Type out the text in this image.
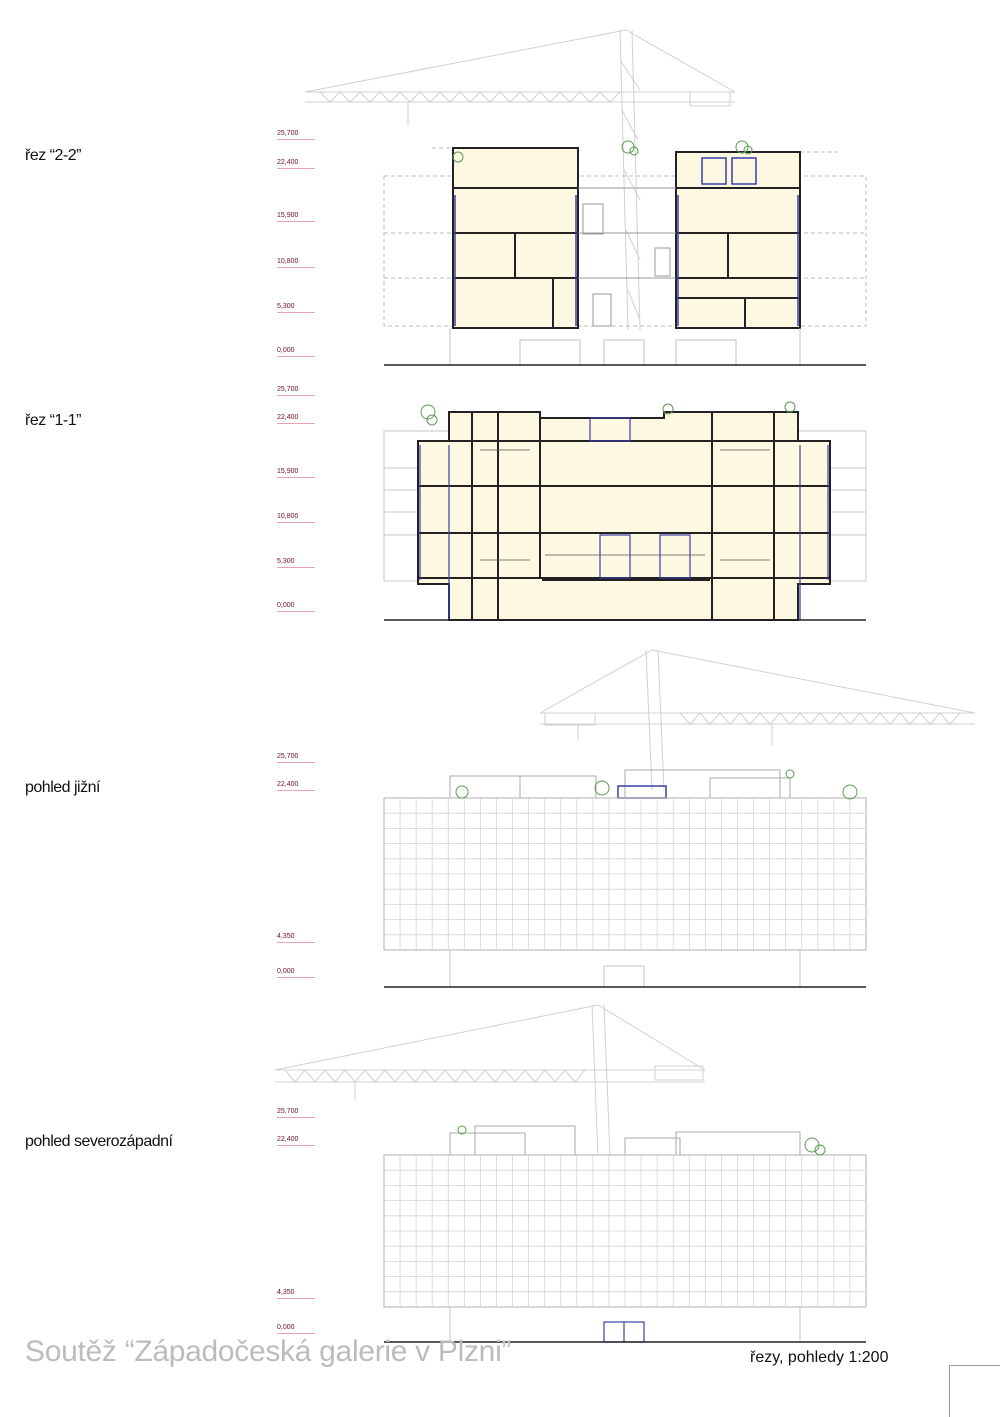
řez “2-2”
řez “1-1”
pohled jižní
pohled severozápadní
25,700
22,400
15,900
10,800
5,300
0,000
25,700
22,400
15,900
10,800
5,300
0,000
25,700
22,400
4,350
0,000
25,700
22,400
4,350
0,000
Soutěž “Západočeská galerie v Plzni”	řezy, pohledy 1:200
